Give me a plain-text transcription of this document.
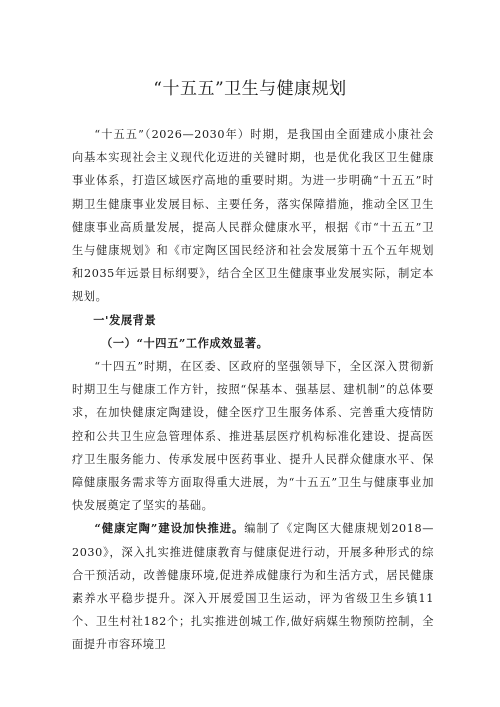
“十五五”卫生与健康规划

“十五五”（2026—2030年）时期，是我国由全面建成小康社会向基本实现社会主义现代化迈进的关键时期，也是优化我区卫生健康事业体系，打造区域医疗高地的重要时期。为进一步明确“十五五”时期卫生健康事业发展目标、主要任务，落实保障措施，推动全区卫生健康事业高质量发展，提高人民群众健康水平，根据《市“十五五”卫生与健康规划》和《市定陶区国民经济和社会发展第十五个五年规划和2035年远景目标纲要》，结合全区卫生健康事业发展实际，制定本规划。

一'发展背景

（一）“十四五”工作成效显著。

“十四五”时期，在区委、区政府的坚强领导下，全区深入贯彻新时期卫生与健康工作方针，按照“保基本、强基层、建机制”的总体要求，在加快健康定陶建设，健全医疗卫生服务体系、完善重大疫情防控和公共卫生应急管理体系、推进基层医疗机构标准化建设、提高医疗卫生服务能力、传承发展中医药事业、提升人民群众健康水平、保障健康服务需求等方面取得重大进展，为“十五五”卫生与健康事业加快发展奠定了坚实的基础。

“健康定陶”建设加快推进。编制了《定陶区大健康规划2018—2030》，深入扎实推进健康教育与健康促进行动，开展多种形式的综合干预活动，改善健康环境,促进养成健康行为和生活方式，居民健康素养水平稳步提升。深入开展爱国卫生运动，评为省级卫生乡镇11个、卫生村社182个；扎实推进创城工作,做好病媒生物预防控制，全面提升市容环境卫
